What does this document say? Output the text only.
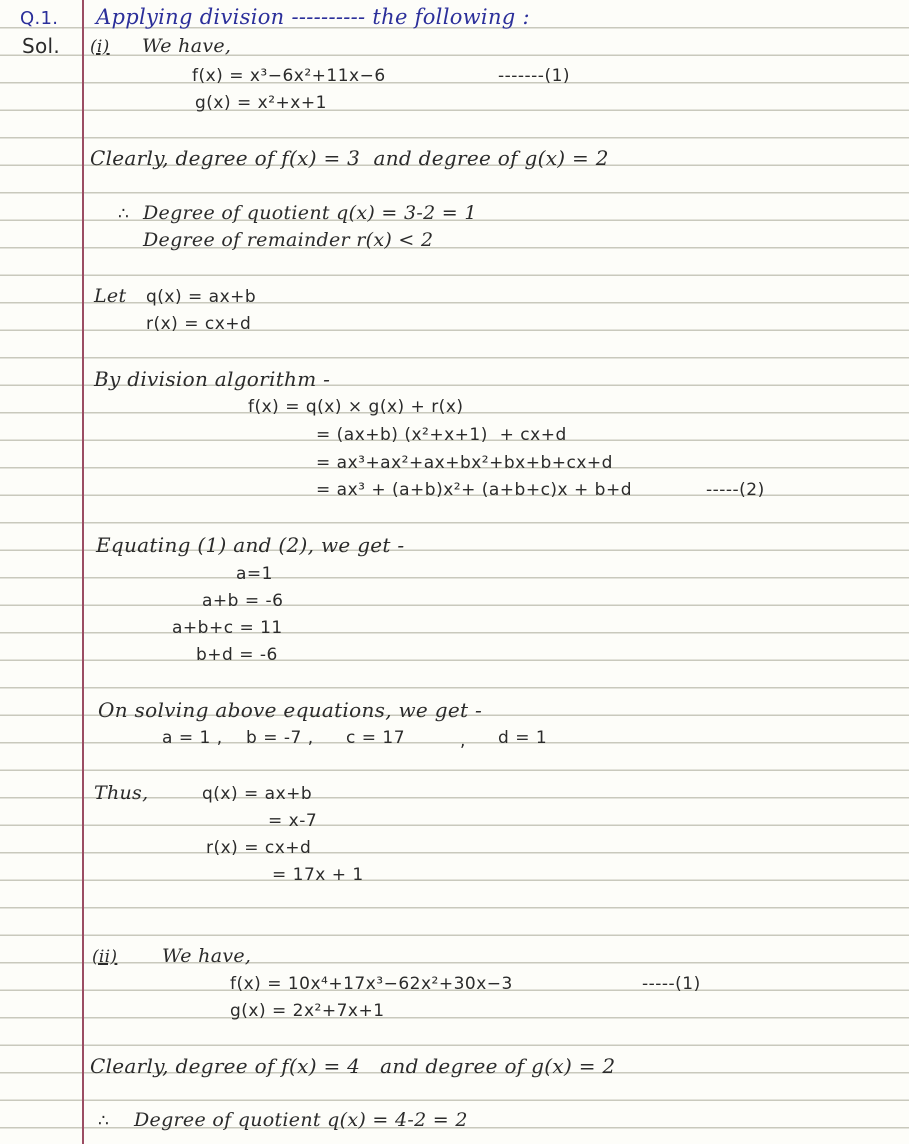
Q.1. Applying division ---------- the following :
Sol. (i) We have,
f(x) = x³−6x²+11x−6	-------(1)
g(x) = x²+x+1
Clearly, degree of f(x) = 3  and degree of g(x) = 2
∴ Degree of quotient q(x) = 3-2 = 1
Degree of remainder r(x) < 2
Let q(x) = ax+b
r(x) = cx+d
By division algorithm -
f(x) = q(x) × g(x) + r(x)
= (ax+b) (x²+x+1)  + cx+d
= ax³+ax²+ax+bx²+bx+b+cx+d
= ax³ + (a+b)x²+ (a+b+c)x + b+d	-----(2)
Equating (1) and (2), we get -
a=1
a+b = -6
a+b+c = 11
b+d = -6
On solving above equations, we get -
a = 1 , b = -7 , c = 17	, d = 1
Thus,	q(x) = ax+b
= x-7
r(x) = cx+d
= 17x + 1
(ii) We have,
f(x) = 10x⁴+17x³−62x²+30x−3	-----(1)
g(x) = 2x²+7x+1
Clearly, degree of f(x) = 4   and degree of g(x) = 2
∴ Degree of quotient q(x) = 4-2 = 2
